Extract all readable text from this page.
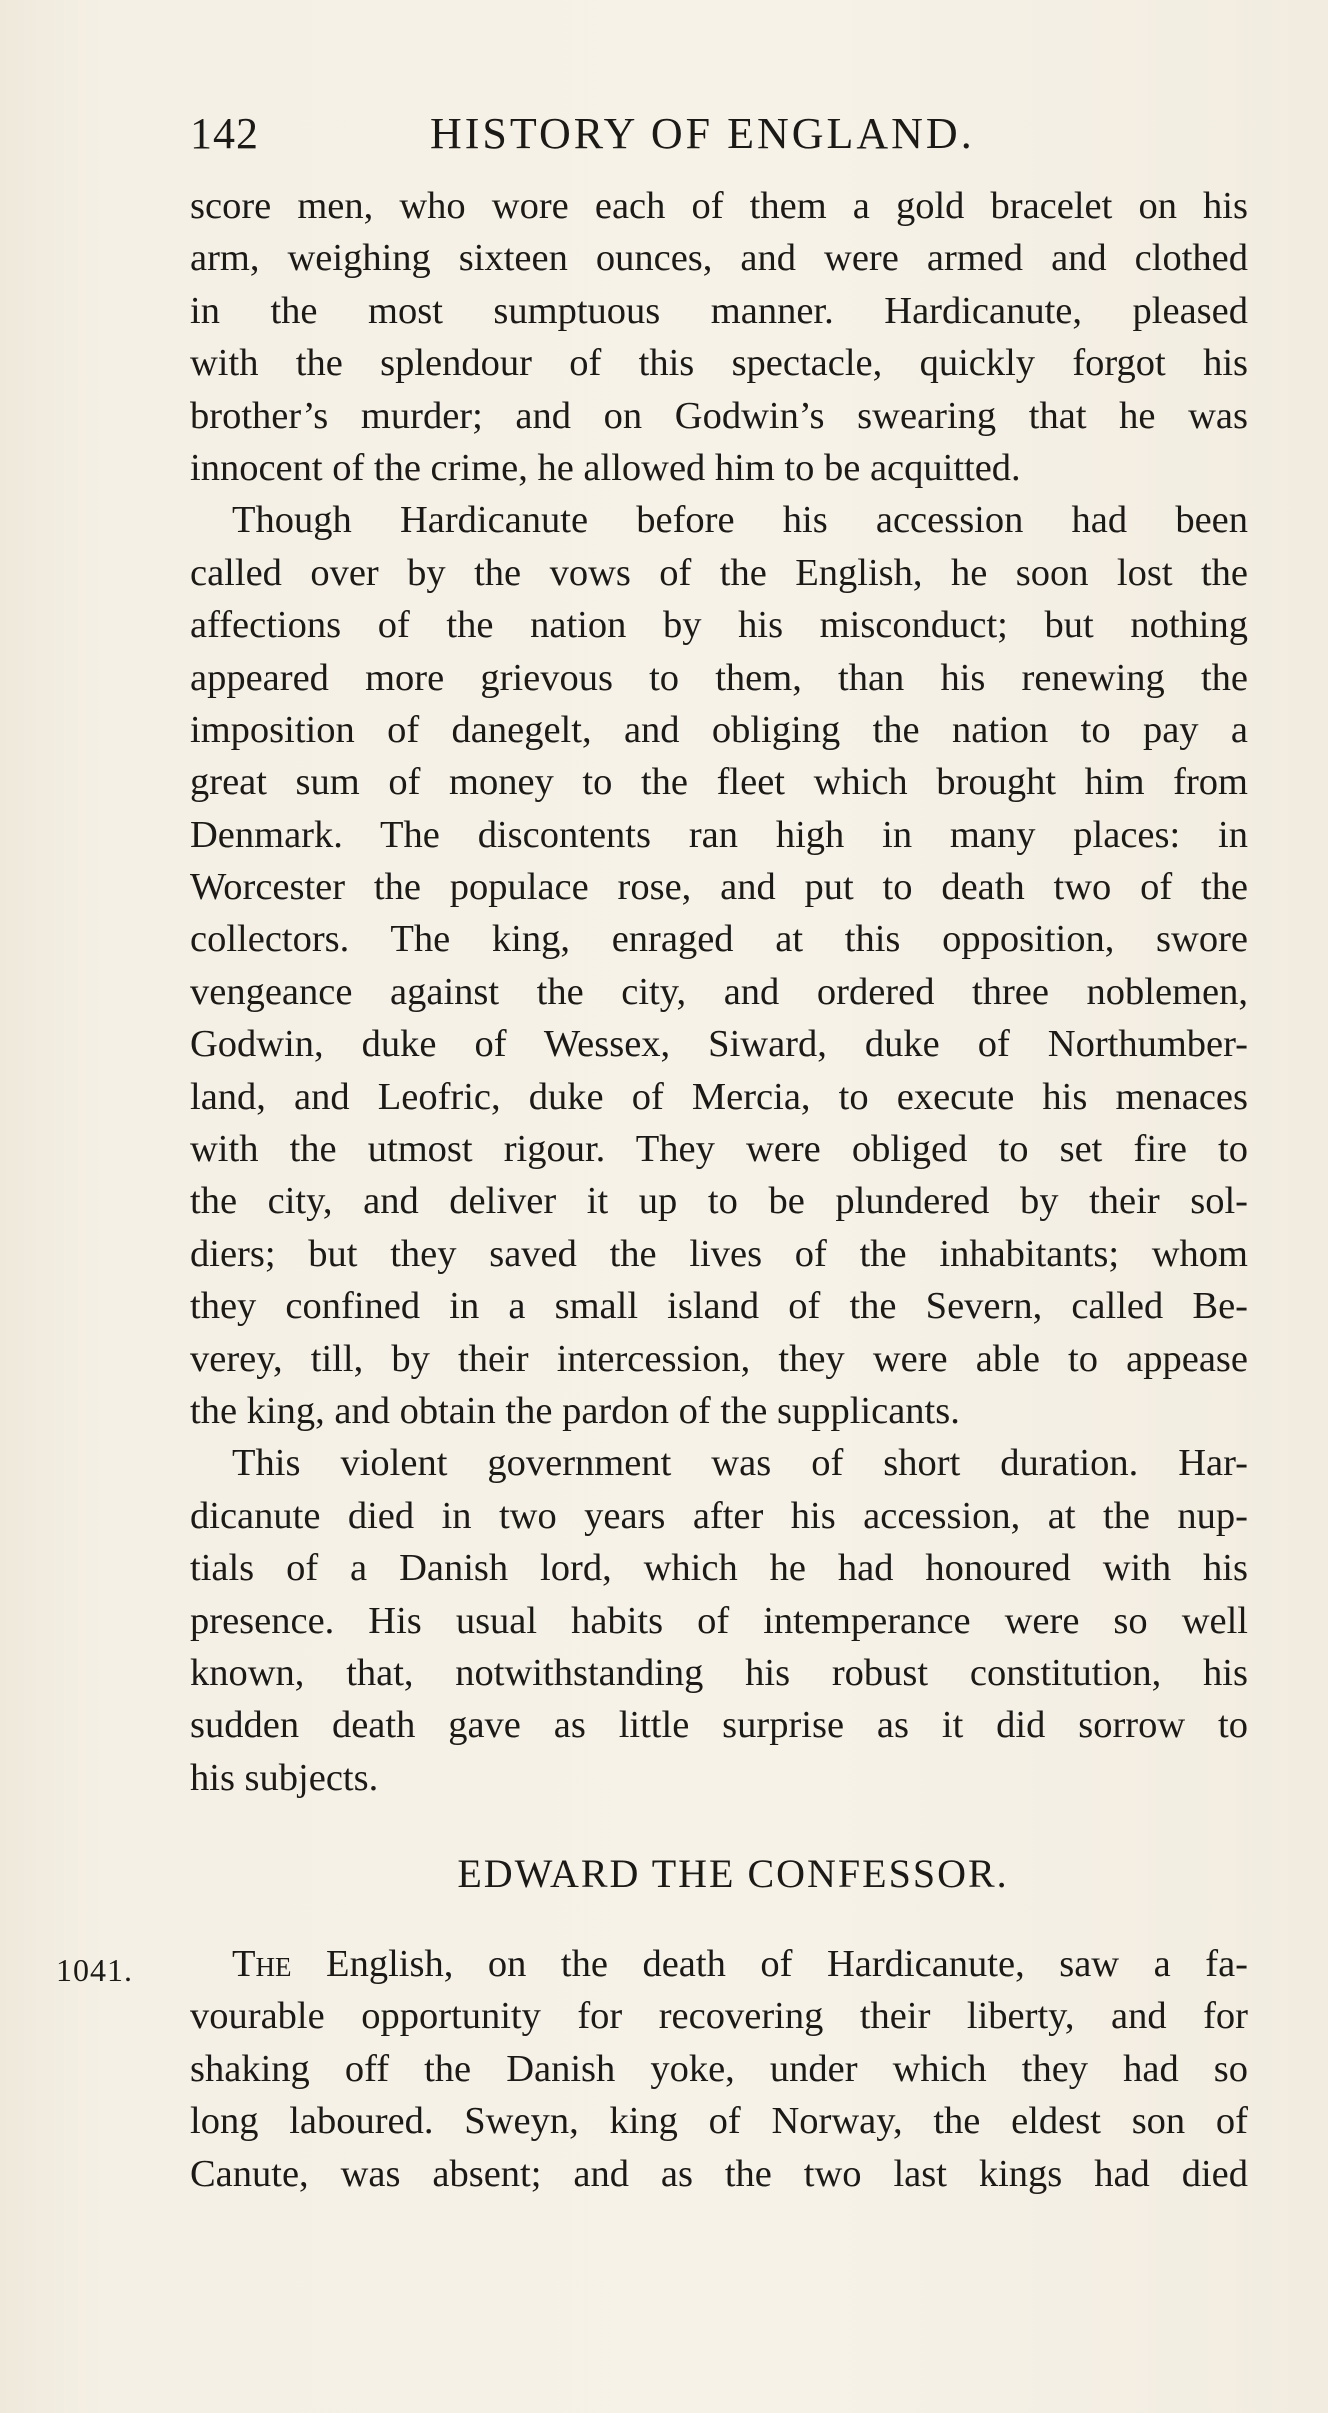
142	HISTORY OF ENGLAND.
score men, who wore each of them a gold bracelet on his
arm, weighing sixteen ounces, and were armed and clothed
in the most sumptuous manner. Hardicanute, pleased
with the splendour of this spectacle, quickly forgot his
brother’s murder; and on Godwin’s swearing that he was
innocent of the crime, he allowed him to be acquitted.
Though Hardicanute before his accession had been
called over by the vows of the English, he soon lost the
affections of the nation by his misconduct; but nothing
appeared more grievous to them, than his renewing the
imposition of danegelt, and obliging the nation to pay a
great sum of money to the fleet which brought him from
Denmark. The discontents ran high in many places: in
Worcester the populace rose, and put to death two of the
collectors. The king, enraged at this opposition, swore
vengeance against the city, and ordered three noblemen,
Godwin, duke of Wessex, Siward, duke of Northumber-
land, and Leofric, duke of Mercia, to execute his menaces
with the utmost rigour. They were obliged to set fire to
the city, and deliver it up to be plundered by their sol-
diers; but they saved the lives of the inhabitants; whom
they confined in a small island of the Severn, called Be-
verey, till, by their intercession, they were able to appease
the king, and obtain the pardon of the supplicants.
This violent government was of short duration. Har-
dicanute died in two years after his accession, at the nup-
tials of a Danish lord, which he had honoured with his
presence. His usual habits of intemperance were so well
known, that, notwithstanding his robust constitution, his
sudden death gave as little surprise as it did sorrow to
his subjects.
EDWARD THE CONFESSOR.
1041.	The English, on the death of Hardicanute, saw a fa-
vourable opportunity for recovering their liberty, and for
shaking off the Danish yoke, under which they had so
long laboured. Sweyn, king of Norway, the eldest son of
Canute, was absent; and as the two last kings had died
